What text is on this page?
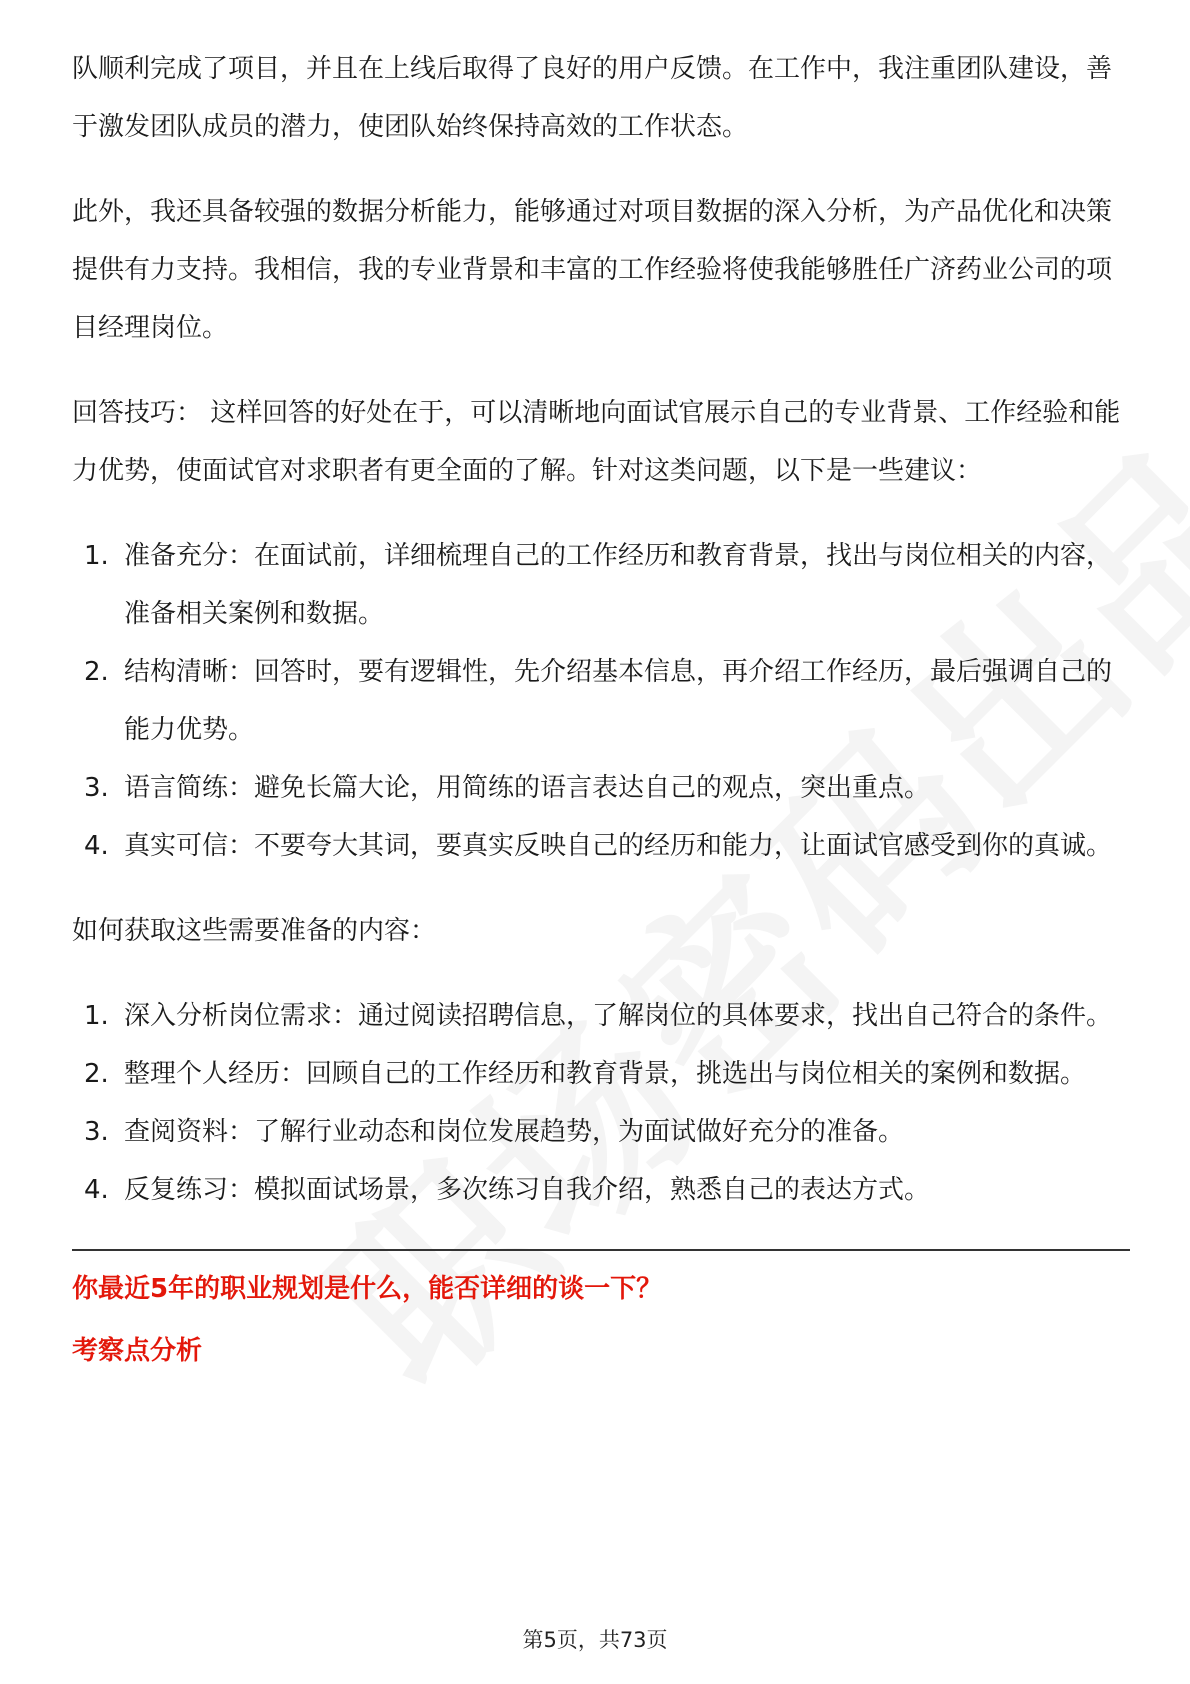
队顺利完成了项目，并且在上线后取得了良好的用户反馈。在工作中，我注重团队建设，善于激发团队成员的潜力，使团队始终保持高效的工作状态。

此外，我还具备较强的数据分析能力，能够通过对项目数据的深入分析，为产品优化和决策提供有力支持。我相信，我的专业背景和丰富的工作经验将使我能够胜任广济药业公司的项目经理岗位。

回答技巧： 这样回答的好处在于，可以清晰地向面试官展示自己的专业背景、工作经验和能力优势，使面试官对求职者有更全面的了解。针对这类问题，以下是一些建议：

1. 准备充分：在面试前，详细梳理自己的工作经历和教育背景，找出与岗位相关的内容，准备相关案例和数据。
2. 结构清晰：回答时，要有逻辑性，先介绍基本信息，再介绍工作经历，最后强调自己的能力优势。
3. 语言简练：避免长篇大论，用简练的语言表达自己的观点，突出重点。
4. 真实可信：不要夸大其词，要真实反映自己的经历和能力，让面试官感受到你的真诚。

如何获取这些需要准备的内容：

1. 深入分析岗位需求：通过阅读招聘信息，了解岗位的具体要求，找出自己符合的条件。
2. 整理个人经历：回顾自己的工作经历和教育背景，挑选出与岗位相关的案例和数据。
3. 查阅资料：了解行业动态和岗位发展趋势，为面试做好充分的准备。
4. 反复练习：模拟面试场景，多次练习自我介绍，熟悉自己的表达方式。

你最近5年的职业规划是什么，能否详细的谈一下？

考察点分析

第5页，共73页
